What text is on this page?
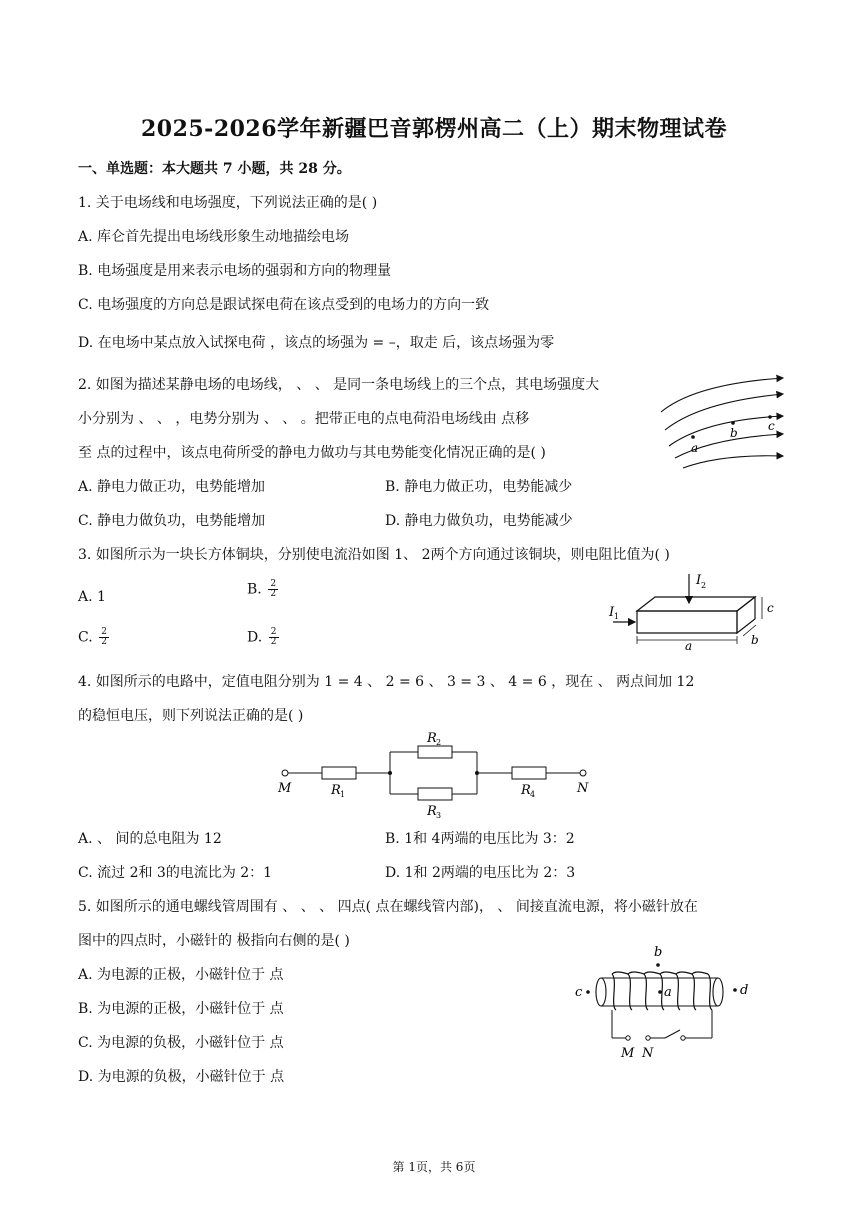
2025-2026学年新疆巴音郭楞州高二（上）期末物理试卷
一、单选题：本大题共 7 小题，共 28 分。
1. 关于电场线和电场强度，下列说法正确的是( )
A. 库仑首先提出电场线形象生动地描绘电场
B. 电场强度是用来表示电场的强弱和方向的物理量
C. 电场强度的方向总是跟试探电荷在该点受到的电场力的方向一致
D. 在电场中某点放入试探电荷 ，该点的场强为 = –，取走 后，该点场强为零
2. 如图为描述某静电场的电场线， 、 、 是同一条电场线上的三个点，其电场强度大
小分别为 、 、 ，电势分别为 、 、 。把带正电的点电荷沿电场线由 点移
至 点的过程中，该点电荷所受的静电力做功与其电势能变化情况正确的是( )
A. 静电力做正功，电势能增加	B. 静电力做正功，电势能减少
C. 静电力做负功，电势能增加	D. 静电力做负功，电势能减少
a
b	c
3. 如图所示为一块长方体铜块，分别使电流沿如图 1、 2两个方向通过该铜块，则电阻比值为( )
A. 1	B. $\frac{2}{2}$
C. $\frac{2}{2}$	D. $\frac{2}{2}$
I 1
I 2
a	b
c
4. 如图所示的电路中，定值电阻分别为 1 = 4 、 2 = 6 、 3 = 3 、 4 = 6 ，现在 、 两点间加 12
的稳恒电压，则下列说法正确的是( )
M	N
R 1
R 2
R 3
R 4
A. 、 间的总电阻为 12	B. 1和 4两端的电压比为 3：2
C. 流过 2和 3的电流比为 2：1	D. 1和 2两端的电压比为 2：3
5. 如图所示的通电螺线管周围有 、 、 、 四点( 点在螺线管内部)， 、 间接直流电源，将小磁针放在
图中的四点时，小磁针的 极指向右侧的是( )
A. 为电源的正极，小磁针位于 点
B. 为电源的正极，小磁针位于 点
C. 为电源的负极，小磁针位于 点
D. 为电源的负极，小磁针位于 点
b
a
c	d
M N
第 1页，共 6页
